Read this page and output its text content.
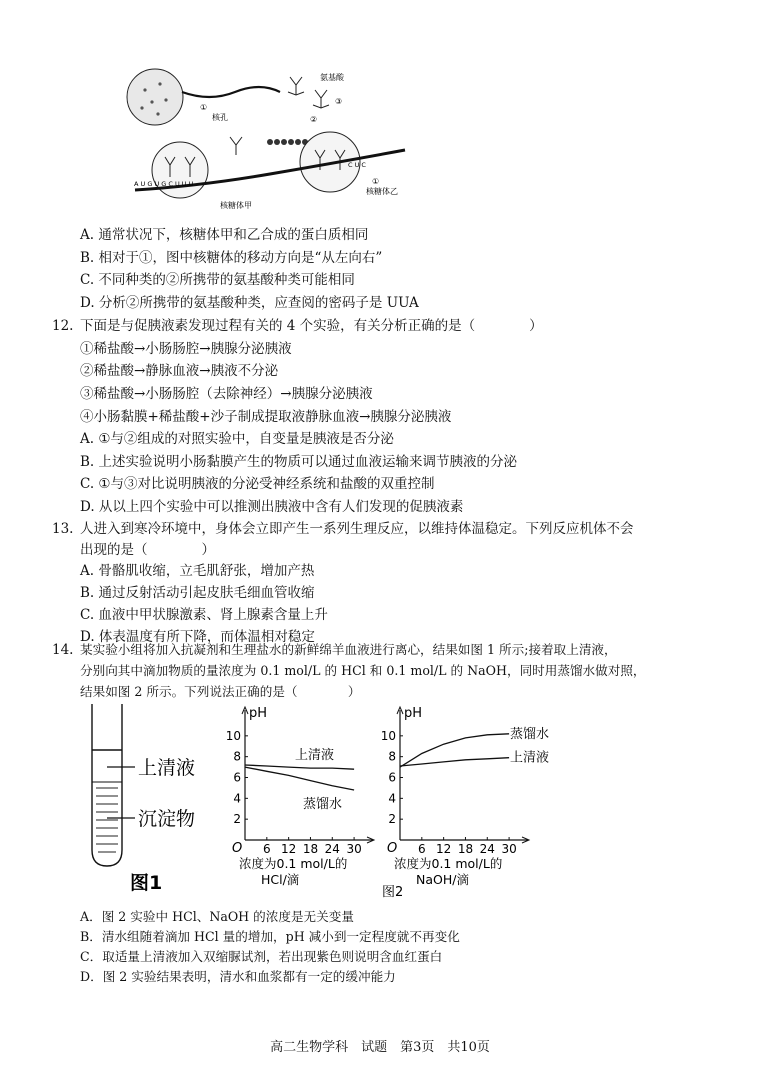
核孔
①
氨基酸
③
②
A U G U G C U U U
C U C
核糖体甲
核糖体乙
①
A. 通常状况下，核糖体甲和乙合成的蛋白质相同
B. 相对于①，图中核糖体的移动方向是“从左向右”
C. 不同种类的②所携带的氨基酸种类可能相同
D. 分析②所携带的氨基酸种类，应查阅的密码子是 UUA
12. 下面是与促胰液素发现过程有关的 4 个实验，有关分析正确的是（　　　　）
①稀盐酸→小肠肠腔→胰腺分泌胰液
②稀盐酸→静脉血液→胰液不分泌
③稀盐酸→小肠肠腔（去除神经）→胰腺分泌胰液
④小肠黏膜+稀盐酸+沙子制成提取液静脉血液→胰腺分泌胰液
A. ①与②组成的对照实验中，自变量是胰液是否分泌
B. 上述实验说明小肠黏膜产生的物质可以通过血液运输来调节胰液的分泌
C. ①与③对比说明胰液的分泌受神经系统和盐酸的双重控制
D. 从以上四个实验中可以推测出胰液中含有人们发现的促胰液素
13. 人进入到寒冷环境中，身体会立即产生一系列生理反应，以维持体温稳定。下列反应机体不会
出现的是（　　　　）
A. 骨骼肌收缩，立毛肌舒张，增加产热
B. 通过反射活动引起皮肤毛细血管收缩
C. 血液中甲状腺激素、肾上腺素含量上升
D. 体表温度有所下降，而体温相对稳定
14. 某实验小组将加入抗凝剂和生理盐水的新鲜绵羊血液进行离心，结果如图 1 所示;接着取上清液，
分别向其中滴加物质的量浓度为 0.1 mol/L 的 HCl 和 0.1 mol/L 的 NaOH，同时用蒸馏水做对照，
结果如图 2 所示。下列说法正确的是（　　　　）
上清液
沉淀物
图1
pH
O
2
4
6
8
10
6 12 18 24 30
浓度为0.1 mol/L的
HCl/滴
上清液
蒸馏水
pH
O
2
4
6
8
10
6 12 18 24 30
浓度为0.1 mol/L的
NaOH/滴
蒸馏水
上清液
图2
A．图 2 实验中 HCl、NaOH 的浓度是无关变量
B．清水组随着滴加 HCl 量的增加，pH 减小到一定程度就不再变化
C．取适量上清液加入双缩脲试剂，若出现紫色则说明含血红蛋白
D．图 2 实验结果表明，清水和血浆都有一定的缓冲能力
高二生物学科　试题　第3页　共10页
